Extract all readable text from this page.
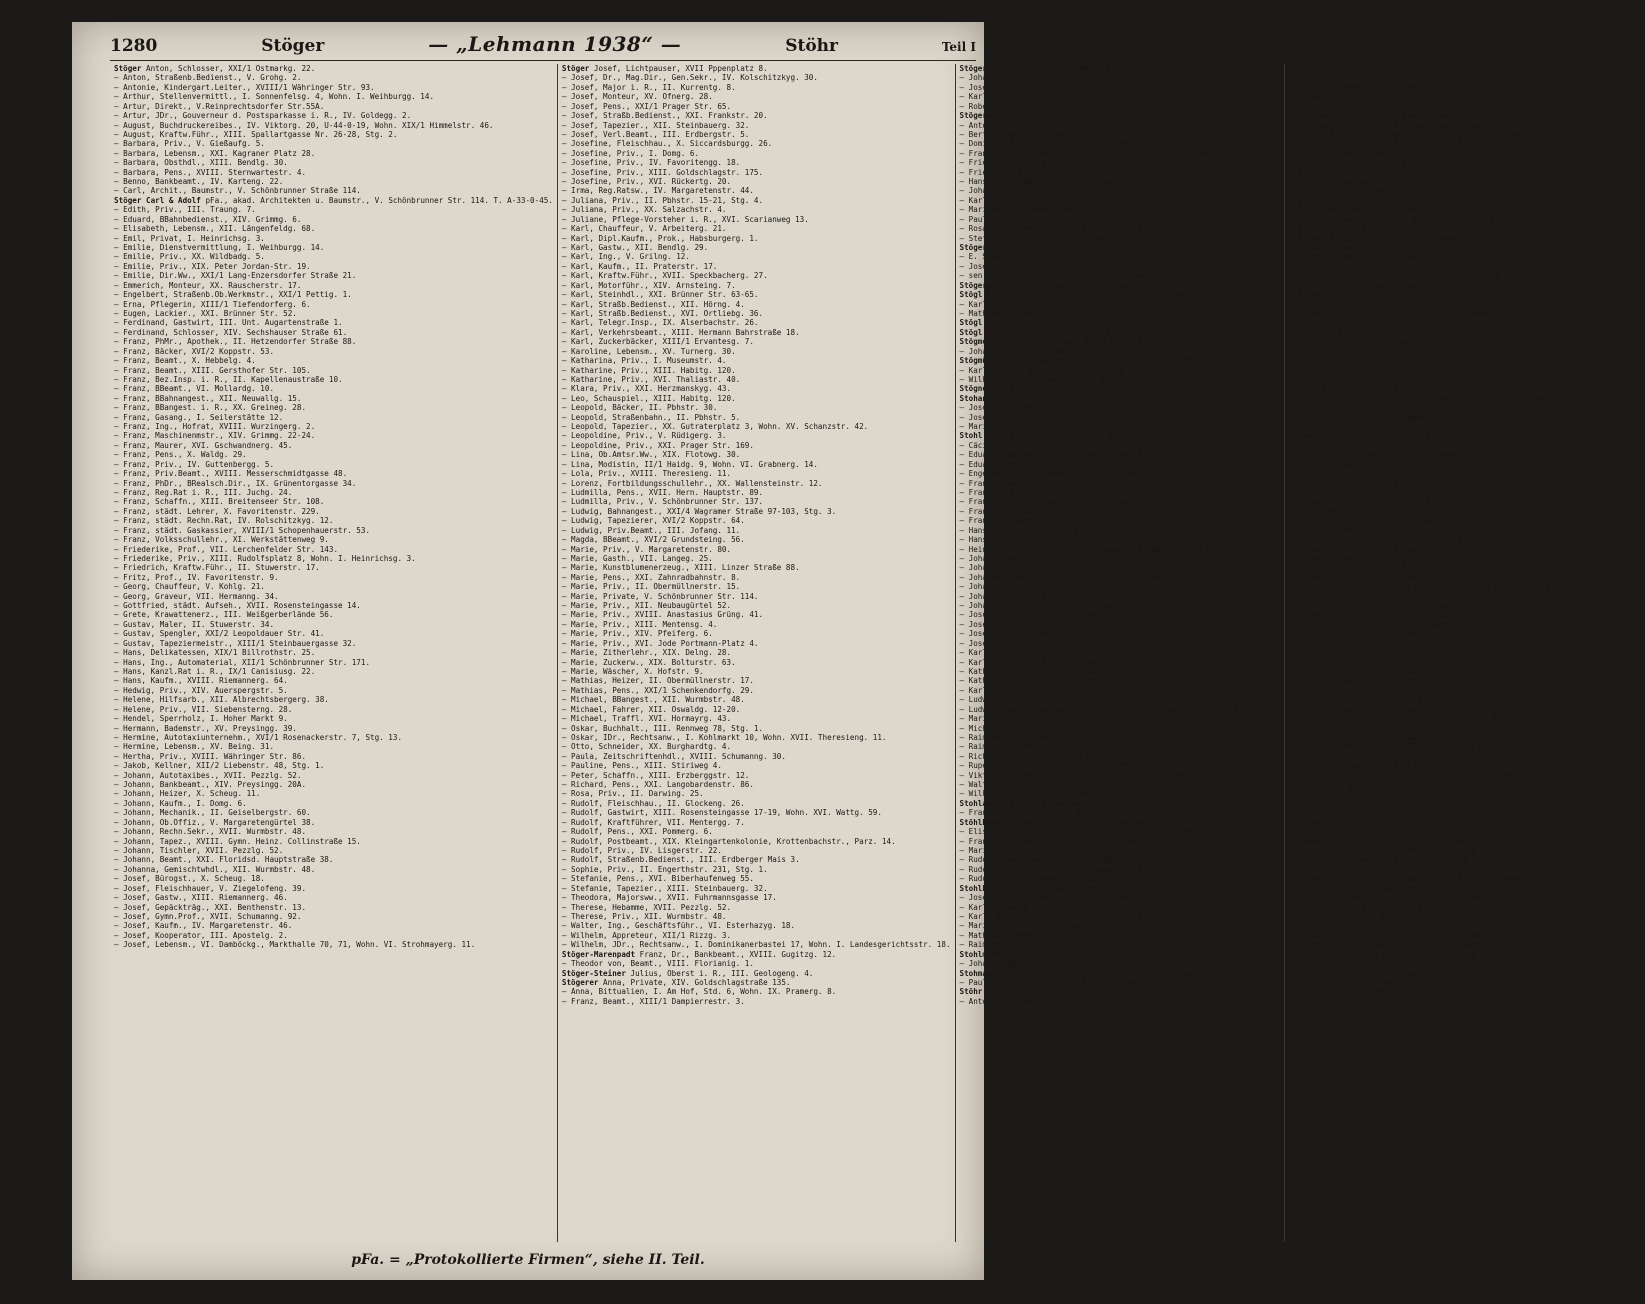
1280	Stöger	— „Lehmann 1938“ —	Stöhr	Teil I
Stöger Anton, Schlosser, XXI/1 Ostmarkg. 22.
— Anton, Straßenb.Bedienst., V. Grohg. 2.
— Antonie, Kindergart.Leiter., XVIII/1 Währinger Str. 93.
— Arthur, Stellenvermittl., I. Sonnenfelsg. 4, Wohn. I. Weihburgg. 14.
— Artur, Direkt., V.Reinprechtsdorfer Str.55A.
— Artur, JDr., Gouverneur d. Postsparkasse i. R., IV. Goldegg. 2.
— August, Buchdruckereibes., IV. Viktorg. 20, U-44-0-19, Wohn. XIX/1 Himmelstr. 46.
— August, Kraftw.Führ., XIII. Spallartgasse Nr. 26-28, Stg. 2.
— Barbara, Priv., V. Gießaufg. 5.
— Barbara, Lebensm., XXI. Kagraner Platz 28.
— Barbara, Obsthdl., XIII. Bendlg. 30.
— Barbara, Pens., XVIII. Sternwartestr. 4.
— Benno, Bankbeamt., IV. Karteng. 22.
— Carl, Archit., Baumstr., V. Schönbrunner Straße 114.
Stöger Carl & Adolf pFa., akad. Architekten u. Baumstr., V. Schönbrunner Str. 114. T. A-33-0-45.
— Edith, Priv., III. Traung. 7.
— Eduard, BBahnbedienst., XIV. Grimmg. 6.
— Elisabeth, Lebensm., XII. Längenfeldg. 68.
— Emil, Privat, I. Heinrichsg. 3.
— Emilie, Dienstvermittlung, I. Weihburgg. 14.
— Emilie, Priv., XX. Wildbadg. 5.
— Emilie, Priv., XIX. Peter Jordan-Str. 19.
— Emilie, Dir.Ww., XXI/1 Lang-Enzersdorfer Straße 21.
— Emmerich, Monteur, XX. Rauscherstr. 17.
— Engelbert, Straßenb.Ob.Werkmstr., XXI/1 Pettig. 1.
— Erna, Pflegerin, XIII/1 Tiefendorferg. 6.
— Eugen, Lackier., XXI. Brünner Str. 52.
— Ferdinand, Gastwirt, III. Unt. Augartenstraße 1.
— Ferdinand, Schlosser, XIV. Sechshauser Straße 61.
— Franz, PhMr., Apothek., II. Hetzendorfer Straße 88.
— Franz, Bäcker, XVI/2 Koppstr. 53.
— Franz, Beamt., X. Hebbelg. 4.
— Franz, Beamt., XIII. Gersthofer Str. 105.
— Franz, Bez.Insp. i. R., II. Kapellenaustraße 10.
— Franz, BBeamt., VI. Mollardg. 10.
— Franz, BBahnangest., XII. Neuwallg. 15.
— Franz, BBangest. i. R., XX. Greineg. 28.
— Franz, Gasang., I. Seilerstätte 12.
— Franz, Ing., Hofrat, XVIII. Wurzingerg. 2.
— Franz, Maschinenmstr., XIV. Grimmg. 22-24.
— Franz, Maurer, XVI. Gschwandnerg. 45.
— Franz, Pens., X. Waldg. 29.
— Franz, Priv., IV. Guttenbergg. 5.
— Franz, Priv.Beamt., XVIII. Messerschmidtgasse 48.
— Franz, PhDr., BRealsch.Dir., IX. Grünentorgasse 34.
— Franz, Reg.Rat i. R., III. Juchg. 24.
— Franz, Schaffn., XIII. Breitenseer Str. 108.
— Franz, städt. Lehrer, X. Favoritenstr. 229.
— Franz, städt. Rechn.Rat, IV. Rolschitzkyg. 12.
— Franz, städt. Gaskassier, XVIII/1 Schopenhauerstr. 53.
— Franz, Volksschullehr., XI. Werkstättenweg 9.
— Friederike, Prof., VII. Lerchenfelder Str. 143.
— Friederike, Priv., XIII. Rudolfsplatz 8, Wohn. I. Heinrichsg. 3.
— Friedrich, Kraftw.Führ., II. Stuwerstr. 17.
— Fritz, Prof., IV. Favoritenstr. 9.
— Georg, Chauffeur, V. Kohlg. 21.
— Georg, Graveur, VII. Hermanng. 34.
— Gottfried, städt. Aufseh., XVII. Rosensteingasse 14.
— Grete, Krawattenerz., III. Weißgerberlände 56.
— Gustav, Maler, II. Stuwerstr. 34.
— Gustav, Spengler, XXI/2 Leopoldauer Str. 41.
— Gustav, Tapeziermeistr., XIII/1 Steinbauergasse 32.
— Hans, Delikatessen, XIX/1 Billrothstr. 25.
— Hans, Ing., Automaterial, XII/1 Schönbrunner Str. 171.
— Hans, Kanzl.Rat i. R., IX/1 Canisiusg. 22.
— Hans, Kaufm., XVIII. Riemannerg. 64.
— Hedwig, Priv., XIV. Auerspergstr. 5.
— Helene, Hilfsarb., XII. Albrechtsbergerg. 38.
— Helene, Priv., VII. Siebensterng. 28.
— Hendel, Sperrholz, I. Hoher Markt 9.
— Hermann, Bademstr., XV. Preysingg. 39.
— Hermine, Autotaxiunternehm., XVI/1 Rosenackerstr. 7, Stg. 13.
— Hermine, Lebensm., XV. Being. 31.
— Hertha, Priv., XVIII. Währinger Str. 86.
— Jakob, Kellner, XII/2 Liebenstr. 48, Stg. 1.
— Johann, Autotaxibes., XVII. Pezzlg. 52.
— Johann, Bankbeamt., XIV. Preysingg. 20A.
— Johann, Heizer, X. Scheug. 11.
— Johann, Kaufm., I. Domg. 6.
— Johann, Mechanik., II. Geiselbergstr. 60.
— Johann, Ob.Offiz., V. Margaretengürtel 38.
— Johann, Rechn.Sekr., XVII. Wurmbstr. 48.
— Johann, Tapez., XVIII. Gymn. Heinz. Collinstraße 15.
— Johann, Tischler, XVII. Pezzlg. 52.
— Johann, Beamt., XXI. Floridsd. Hauptstraße 38.
— Johanna, Gemischtwhdl., XII. Wurmbstr. 48.
— Josef, Bürogst., X. Scheug. 18.
— Josef, Fleischhauer, V. Ziegelofeng. 39.
— Josef, Gastw., XIII. Riemannerg. 46.
— Josef, Gepäckträg., XXI. Benthenstr. 13.
— Josef, Gymn.Prof., XVII. Schumanng. 92.
— Josef, Kaufm., IV. Margaretenstr. 46.
— Josef, Kooperator, III. Apostelg. 2.
— Josef, Lebensm., VI. Damböckg., Markthalle 70, 71, Wohn. VI. Strohmayerg. 11.
Stöger Josef, Lichtpauser, XVII Pppenplatz 8.
— Josef, Dr., Mag.Dir., Gen.Sekr., IV. Kolschitzkyg. 30.
— Josef, Major i. R., II. Kurrentg. 8.
— Josef, Monteur, XV. Ofnerg. 28.
— Josef, Pens., XXI/1 Prager Str. 65.
— Josef, Straßb.Bedienst., XXI. Frankstr. 20.
— Josef, Tapezier., XII. Steinbauerg. 32.
— Josef, Verl.Beamt., III. Erdbergstr. 5.
— Josefine, Fleischhau., X. Siccardsburgg. 26.
— Josefine, Priv., I. Domg. 6.
— Josefine, Priv., IV. Favoritengg. 18.
— Josefine, Priv., XIII. Goldschlagstr. 175.
— Josefine, Priv., XVI. Rückertg. 20.
— Irma, Reg.Ratsw., IV. Margaretenstr. 44.
— Juliana, Priv., II. Pbhstr. 15-21, Stg. 4.
— Juliana, Priv., XX. Salzachstr. 4.
— Juliane, Pflege-Vorsteher i. R., XVI. Scarianweg 13.
— Karl, Chauffeur, V. Arbeiterg. 21.
— Karl, Dipl.Kaufm., Prok., Habsburgerg. 1.
— Karl, Gastw., XII. Bendlg. 29.
— Karl, Ing., V. Grilng. 12.
— Karl, Kaufm., II. Praterstr. 17.
— Karl, Kraftw.Führ., XVII. Speckbacherg. 27.
— Karl, Motorführ., XIV. Arnsteing. 7.
— Karl, Steinhdl., XXI. Brünner Str. 63-65.
— Karl, Straßb.Bedienst., XII. Hörng. 4.
— Karl, Straßb.Bedienst., XVI. Ortliebg. 36.
— Karl, Telegr.Insp., IX. Alserbachstr. 26.
— Karl, Verkehrsbeamt., XIII. Hermann Bahrstraße 18.
— Karl, Zuckerbäcker, XIII/1 Ervantesg. 7.
— Karoline, Lebensm., XV. Turnerg. 30.
— Katharina, Priv., I. Museumstr. 4.
— Katharine, Priv., XIII. Habitg. 120.
— Katharine, Priv., XVI. Thaliastr. 40.
— Klara, Priv., XXI. Herzmanskyg. 43.
— Leo, Schauspiel., XIII. Habitg. 120.
— Leopold, Bäcker, II. Pbhstr. 30.
— Leopold, Straßenbahn., II. Pbhstr. 5.
— Leopold, Tapezier., XX. Gutraterplatz 3, Wohn. XV. Schanzstr. 42.
— Leopoldine, Priv., V. Rüdigerg. 3.
— Leopoldine, Priv., XXI. Prager Str. 169.
— Lina, Ob.Amtsr.Ww., XIX. Flotowg. 30.
— Lina, Modistin, II/1 Haidg. 9, Wohn. VI. Grabnerg. 14.
— Lola, Priv., XVIII. Theresieng. 11.
— Lorenz, Fortbildungsschullehr., XX. Wallensteinstr. 12.
— Ludmilla, Pens., XVII. Hern. Hauptstr. 89.
— Ludmilla, Priv., V. Schönbrunner Str. 137.
— Ludwig, Bahnangest., XXI/4 Wagramer Straße 97-103, Stg. 3.
— Ludwig, Tapezierer, XVI/2 Koppstr. 64.
— Ludwig, Priv.Beamt., III. Jofang. 11.
— Magda, BBeamt., XVI/2 Grundsteing. 56.
— Marie, Priv., V. Margaretenstr. 80.
— Marie, Gasth., VII. Langeg. 25.
— Marie, Kunstblumenerzeug., XIII. Linzer Straße 88.
— Marie, Pens., XXI. Zahnradbahnstr. 8.
— Marie, Priv., II. Obermüllnerstr. 15.
— Marie, Private, V. Schönbrunner Str. 114.
— Marie, Priv., XII. Neubaugürtel 52.
— Marie, Priv., XVIII. Anastasius Grüng. 41.
— Marie, Priv., XIII. Mentensg. 4.
— Marie, Priv., XIV. Pfeiferg. 6.
— Marie, Priv., XVI. Jode Portmann-Platz 4.
— Marie, Zitherlehr., XIX. Delng. 28.
— Marie, Zuckerw., XIX. Bolturstr. 63.
— Marie, Wäscher, X. Hofstr. 9.
— Mathias, Heizer, II. Obermüllnerstr. 17.
— Mathias, Pens., XXI/1 Schenkendorfg. 29.
— Michael, BBangest., XII. Wurmbstr. 48.
— Michael, Fahrer, XII. Oswaldg. 12-20.
— Michael, Traffl. XVI. Hormayrg. 43.
— Oskar, Buchhalt., III. Rennweg 78, Stg. 1.
— Oskar, IDr., Rechtsanw., I. Kohlmarkt 10, Wohn. XVII. Theresieng. 11.
— Otto, Schneider, XX. Burghardtg. 4.
— Paula, Zeitschriftenhdl., XVIII. Schumanng. 30.
— Pauline, Pens., XIII. Stiriweg 4.
— Peter, Schaffn., XIII. Erzberggstr. 12.
— Richard, Pens., XXI. Langobardenstr. 86.
— Rosa, Priv., II. Darwing. 25.
— Rudolf, Fleischhau., II. Glockeng. 26.
— Rudolf, Gastwirt, XIII. Rosensteingasse 17-19, Wohn. XVI. Wattg. 59.
— Rudolf, Kraftführer, VII. Mentergg. 7.
— Rudolf, Pens., XXI. Pommerg. 6.
— Rudolf, Postbeamt., XIX. Kleingartenkolonie, Krottenbachstr., Parz. 14.
— Rudolf, Priv., IV. Lisgerstr. 22.
— Rudolf, Straßenb.Bedienst., III. Erdberger Mais 3.
— Sophie, Priv., II. Engerthstr. 231, Stg. 1.
— Stefanie, Pens., XVI. Biberhaufenweg 55.
— Stefanie, Tapezier., XIII. Steinbauerg. 32.
— Theodora, Majorsww., XVII. Fuhrmannsgasse 17.
— Therese, Hebamme, XVII. Pezzlg. 52.
— Therese, Priv., XII. Wurmbstr. 48.
— Walter, Ing., Geschäftsführ., VI. Esterhazyg. 18.
— Wilhelm, Appreteur, XII/1 Rizzg. 3.
— Wilhelm, JDr., Rechtsanw., I. Dominikanerbastei 17, Wohn. I. Landesgerichtsstr. 18.
Stöger-Marenpadt Franz, Dr., Bankbeamt., XVIII. Gugitzg. 12.
— Theodor von, Beamt., VIII. Florianig. 1.
Stöger-Steiner Julius, Oberst i. R., III. Geologeng. 4.
Stögerer Anna, Private, XIV. Goldschlagstraße 135.
— Anna, Bittualien, I. Am Hof, Std. 6, Wohn. IX. Pramerg. 8.
— Franz, Beamt., XIII/1 Dampierrestr. 3.
Stögerer Hans, Industriebeamt., III. Wasserstraße 26.
— Johann, Pens., XIV. Flachg. 13.
— Josef, Schlosser, III. Hohlwegg. 42.
— Karl, Hilfsarb., XIII. Sonnweg 19.
— Robert, Ing., techn. Dir., XIV. Illekg. 22.
Stögermayer Adolf, Postinsp., XVIII. Gersthofer Str. 122.
— Anton, Off., XIX. Heiligenstädter Str. 37.
— Bertha, Ww., I. Ebendorferstr. 3.
— Dominik, Mag.Rat i. R., II. Gr. Sperlg. 4.
— Franz, Fleischhauer, XVIII/1 Währinger Straße 90, Wohn. Nr. 88.
— Friedrich, Gefälgsstadt., IV. Danhauserg. 6.
— Friedrich, Dr., Buchhalter, XV. Menterg. 3.
— Hans, Bankbeamt., IV. Starhembergg. 6.
— Johann, BBBediensteter, XVI. Ottakringer Str. 279.
— Karl, Färber, XIII. Guttenbergg. 7.
— Marianne, Ob.Kommiss.Ww., IV. Mittersteig 2.
— Paul, Firmagef., XIX. Heiligenstädter Str. 37.
— Rosa, Priv.Beamt., XIII. Bernbrunng. 4.
— Stefan, Ing. Gesellsch., I. Am Hof 5.
Stögermayr
— E. Stögermayr & Co., pFa.
— Josef, Musiker, V. Schönbrunner Str. 37.
— sen. Josef, Elektriker, V. Schönbrunner Str. 37.
Stögermeyer Ida, Verkäuf., V. Franzensg. 1.
Stögl Karl, Elitransporte, XIV. Sechshauser Straße 45.
— Karl, Straßb.Bedienst., XXI/1 Klagerg. 8.
— Mathias, Straßb.Schaffn., XVI. Thaliastr. 90.
Stögl Karl, Straßb.Fahr., XXI. Moltkeg. 15.
Stögl Alois, Friseurmstr., XIV. Stiegerg. 11.
Stögmeier Johann, Gärtner, XXI/2 Donaufelder Str. 28.
— Johann, Priv., II. Hörteng., KN 425.
Stögmüller Karl, Bankbeamt., XV. Wallensteinstr. 66.
— Karl, BBeamt.Ww., XV. Raffaelg. 20.
— Wilhelm, Ing., Chemik., XXI. Donaufelder Straße 259.
Stögner Karl, Architekt, VII. Wimbergerg. 10.
Stohanzl Anton, Kohlenhdl., XIV. Pillerg. 11.
— Josef, Priv.Beamt., XX. Rauscherstr. 19.
— Josef, Tischler, XIII. Jirek. Hauptstr. 162.
— Marie, Priv., XIV. Ellistorfg. 28.
Stohl Arnold, Fleischhauer, XIV. Dadlerg. 12.
— Cäcilie, Priv., XVIII. Gallerig. 21.
— Eduard, Mechanik., XII. Längenfeldg. 8.
— Eduard, Pens., XI. Neustiftg. 67-69.
— Engelbert, Schneidermstr., IV. Margaretenstr. 26.
— Franz, Leuchtröhrenerz., XII. Strohbergg. 2.
— Franz, Fleischhauer, II. Sinteg. 3.
— Franz, Bar-Handelsmann, XII. Grünbergstr. 9.
— Franz, Kellner, II. Kronmarkt 15.
— Franz, Straßenb.Schaffn., XIII. Hetzendorfer Str. 186, Stg. 1.
— Hans, Werkstätt., XIV. Allog. 27.
— Hans, Priv., XIV. Jfrathenstr. 4.
— Heinrich, Bergolder, XIX/1 Schegarg. 3, Wohn. XIX/1 Chimanistr. 27.
— Johann, Ww., IX. Ulrichg. 23.
— Johann, Priv., II. Schüttelstr. 79.
— Johanna, Lebensm., II. Schüttelstr. 57, Wohn. Nr. 58.
— Johann, Ww., XXI. Dresdner Str. 122.
— Johanna, Priv., X. Bürgerg. 21.
— Johann, Priv., XIII/1 Singrienerg. 11.
— Josef, Metallschl., XVII. Bachg. 21.
— Josef, Galvaniseur, III. Hießg. 7.
— Josef, Sichh.Wachm. i. R., IX/1 Wafag. 13.
— Josefa, Priv., VII. Neustiftg. 67.
— Karl, Kellner, IV. Ranke Menzelle 75.
— Karl, Oberst i. R., XIII. Mentensg. 15.
— Katharina, Pens., XII. Schallerg. 17.
— Katharina, Priv., XX. Dresdner Str. 122.
— Karl, Installateur, XII/1 Schönbrunner Straße 154.
— Ludwig, Lebensm., XVII. Rosensteing. 44.
— Ludwig, Straßb.Bedienst., XII/2 Johann Hoffmann-Platz 13-14, Stg. 2.
— Marie, Priv., XIII. Weilg. 47-49, Stg. 3.
— Michael, Feuerwehrlöschstr., IX/1 Hauffg. 9.
— Raimund, Postangest., XIII. Marzstr. 135.
— Raimund, Bandelg., XIV. Bauhg. 25.
— Richard, Tischler, XIII/1 Märzstr. 139.
— Rupert, Pens., XIII/1 Auhofstr. 186C.
— Viktor, Postmanipulant, XIII. Breitenseer Straße 108.
— Walter, Schlosser, VI. Mittelg. 7, Wohn. VI. Matrofeng. 6.
— Wilhelmine, Priv., VI. Mollardg. 21.
Stohlawetz Alois, Wagenleuchter., X. Trostraße 68-70, Stg. 22.
— Franz, Elendrech., XXI. Dresdner Str. 53.
Stöhlberger Franz, Autoref., X. Johannesg. 11.
— Elise, Wirtw., X. Zur Spinnerin 36, Wohn. X. Siebzeng. 19.
— Franz, Ing. Fa.Jnh., XV. Hütteldorfer Str. 70.
— Marie, Priv., XV. Brebsgengg. 7.
— Rudolf, Bankbeamt., IV. Starhembergg. 4.
— Rudolf, Schuhmmstr., XIII. Ledererg. 4.
— Rudolf, techn. Beamt., X. Siebzeng. 19.
Stohlhofer Franz, Straßenb.Bedienst., II/1 Schönng. 11.
— Josef, Kraftw.Führ., XVII. Leitermanerg. 2.
— Karl, Lebensm., XVI. Eisnerg. 9.
— Karl, Maler, II. Sterndorfer Platz 1-2.
— Marie, Priv., XVI. Eisnerg. 9.
— Mathias, Lebensm., XVI. Thaliastr. 85.
— Raimund, Postbeamt., II. Heidebrückenstr. 40.
Stohlmann Rudolf, Priv.Beamt., V. Brandmayerg. 1.
— Johann, BBahnangest., X. Weldeng. 4.
Stohmann André, Philatelist, Büro, III. Linke Bahng. 13.
— Paul, Ing., w. Hofrat a. D., III. Hetzg. 45.
Stöhr Anton, Kzl.Kommiss., XVIII. Gentzg. 45.
— Anton, Löschmstr. i. P., XVI. Hutteng. 61.
Stöhr Ferdinand, Bildhauer, V. Obere Amtshausg. 24.
— Dr. Franz Stöhr f. pFa.
— Heinrich, PhMr., IX. Michelbeuerng. 1A.
— Katharina, Priv., V. Ob. Amtshausg. 34.
— Marie, Fa.Gef., II. Malzmundg. 6.
— Philomena, Pens., XXI. Leopoldauer Str. 68.
Stöhr Adele, Vürstwe., VI. Damböckg. 3, Wohn. XVIII. Gersthofer Str. 26.
— Adele, Wirtw., IV. Damböckg. 1-1A, Std. 72-73, Wohn. V. Grilng. 28.
— Adolf, Bankbeamt. i. P., XIII/1 Am Platz 5.
— Adolf, Eisenbahnbedienst., VIII. Ochsg. 7.
— Adolf, Photograph, XX. Engerthstr. 90-100.
— Albine, Vittualien, XVI. Wilhelg. 6.
— Alfred, Sped.Beamt., XII. Kaiserstraße 4.
— Alfred, Viktualienhdl., XVII. Jeiklerg. 4.
— Alois, Priv., VII. Kenyong. 30.
— Anna, Modistin, IX/2 Universitätstr. 8.
— Anna, Ob.Rev.Ww., XVIII. Meidl. Hauptstr. 47.
— Anna, Priv., II. Malfattig. 18.
— Anton, Antiquitätenhdl., II. Ahrweg. 5.
— Anton, Bademstr., XVIII. Herbeckstr. 14.
— Anton, BBeamt., XVIII. Lauberg. 18.
— Anton, Chauffeur, XX. Wagnerstr. 15.
— Anton, Ing., Fbrk.Dir. a. D., XIX. Dollinerg. 4.
— Anton, Hühneraugenoperateur, XI. Gottschalkg. 10.
— Anton, Priv.Beamt., II. Freilagerg. 4.
— Anton, Schildermalermstr., IV. Wiedner Hauptg. 4, Wohn. IV. Belvedereg. 27.
— Antonie, Vertragsangest., XVI. Taubstummeng. 5.
— Artur, MDr., Reg.Rat, Arzt, IX. Wasagasse 32.
— Auguste, Beamt., XIII. Jirktnerg. 35.
— Berta, Priv., XIX. Ruckerplatz 5.
— Camilla, Priv., XIII. Lainzerstr. 9.
— Clara, Zentr.Insp.Ww., II. Paracelsusg. 6.
— Dragan, MDr., Spitalarzt, VI. Köstlerg. 6.
— Eduard, Priv., XVIII. Währinger Str. 2.
— Eduard Stöhr pFa., Fleischselcher, IV. Brückeng. 1, T. B-27-3-60.
— Eduard, Maschinist, XIII. Penzinger Straße Nr. 150-166.
— Eduard, Reisender, VII. Seidlerg. 38.
— Egon, Fleischhau., IV. Damböckg. 4.
— Eduard, Priv., XII. Meidlinger Str. 84.
— Emma, Priv., XV. Wichtelg. 16.
— Franz Stöhr junior f. pFa.
— Franz, Kanzl.Kommiss., XIII. Baumgartenstraße 60.
— Franz, Mechanik., IV. Freundg. 9.
— Franz, Priv., V. Grilng. 28.
— Franziska, Priv., XVII. Rosensteing. 46.
— Friedrich, Buchhdl., I. Fürberg. 6.
— Friedrich, Hilfsarbeiter, XII. Arndtg. 21.
— Fritz, MDr., Arzt, VI. Köstlerg. 14.
— Fritz, Fuhrwerksbef., XVI. Gaulachergasse 10.
— Hans, Schuhmmstr., XV. Grillenweg. 19.
— Heinrich, Tischlermstr., XIX. Hardtg. 26, Wohn. XIX. Döbl. Hauptstr. 45.
— Helene, Adminst., VIII. Lazang. 16.
— Hermann, Beamt., VII. Kircheng. 34.
— Hugo, Gend.Insp., XII. Eichenweg 24.
— Johann, Priv., III. Pfolog. 12.
— Johann, Architekt, V. Margaretengürtel 128 bis 134, Stg. 8.
— Johann, Fleischhauer, VI. Mittelg. 6.
— Johann, Schlosser, XIII/1 Dorfhauserstr. 31.
— Johann, Straßenb.Führ., IX. Lustkandlg. 5.
— Johann, Viktualien, XVI. Gschwandng. 34.
— Josef, Amtsrat, XVI/1 Haunstr. 135.
— Josef, Kanzl.Rat, XX/1 Grillparzerstr. 184.
— Josef, Kraftw.Führ., XXI/1 Geiselweg. 8.
— Josef, Drechslermstr., XVII. Burkg. 7.
— Josef, Schlosser, X. Hofbergg. 8.
— Josef, Privat, V. Margaretenstr. 114.
— Josef, Pens., XXI. Kleng. 32.
— Josef, Prof., XVII. Jöhnerg. 24.
— Julie, Private, III. Hainburger Str. 66.
— Karl, Arch., Baumstr., XIII. Fabianigasse 36.
— Karl, BBeamt., XIII. Saalg. 23.
— Karl, Buchhalter, XVII. Gaisplatz 62.
— Karl, Eisenb.Bedienst., IX. Gussenbauerg. 1.
— Karl, Pens., VI. Mittelg. 13.
— Karl, Priv.Beamt., XIV. Pfalzstr. 54.
— Karl, techn. Ob.Beamt., XIX. Hartäckerstraße 30.
— Karl, Berw.Sekr. i. R., XIX. Lederbeng. 16.
— Karl, bef. Zahntechnik., XVIII. Kreuzg. 34.
— Karoline, Pens., XVI. Friedmanng. 3.
— Katharina, Priv., II. Kaiserstr. 1.
— Klementine, Priv., XIII. Gomperzg. 18.
— Kurt, Priv., XVI. Kfeg. Nr. 65-79.
— Leopoldine, Manikürmstr., XI. Gottschalkgasse 11.
— Leopold, Tischler, XXI. Am b. Kaiserweg. 17.
— Leopold, Postbeamt., III. Baumgarteng. 14.
— Ludwig, Hilfsarb., XXI. Erzh. Karl-Str. 9.
— Margarete, städt. Kindergärtnerin, XIV. Seidenweg. 38.
— Marie, Priv., IV. Mommseng. 16.
— Marie, Insp.Ww., XV. Mariahilf. Str. 144.
— Marie, Priv., VII. Kircheng. 34.
— Oskar, Sped.Büro, XVI. Thaliastr. 21.
— Otto, Schlosser, XII/1 Tivoligasse 5.
— Richard, städt. Berw.Sekr. XIV. Guttenbergg. 2.
— Richard, Dr., Direktor, XIII. Dorotheerg. 8.
— Richard, Schneiderges., XIV. Karolineng. 4.
— Robert, Bäcker, XVIII. Pfeilg. 5.
— Robert, Schlosser, XVI. Hasengasse 5.
— Rosa, Pens., XIX. Mehlstr. 37.
— Rosa, Priv., II. Neuer Markt 9.
pFa. = „Protokollierte Firmen“, siehe II. Teil.
